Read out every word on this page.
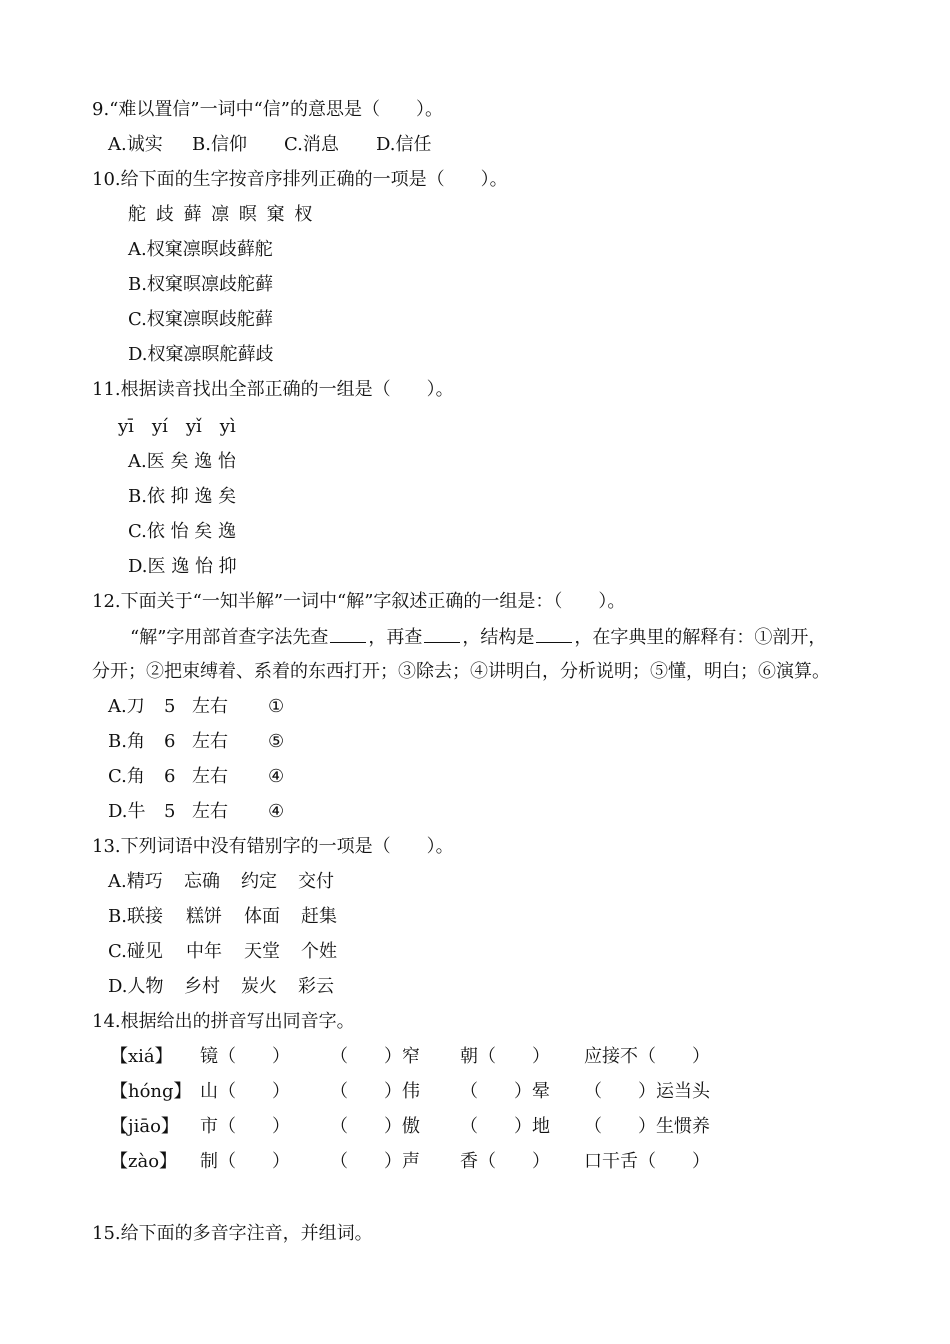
9.“难以置信”一词中“信”的意思是（　　）。
A.诚实 B.信仰 C.消息 D.信任
10.给下面的生字按音序排列正确的一项是（　　）。
舵 歧 藓 凛 暝 窠 杈
A.杈窠凛暝歧藓舵
B.杈窠暝凛歧舵藓
C.杈窠凛暝歧舵藓
D.杈窠凛暝舵藓歧
11.根据读音找出全部正确的一组是（　　）。
yī　yí　yǐ　yì
A.医 矣 逸 怡
B.依 抑 逸 矣
C.依 怡 矣 逸
D.医 逸 怡 抑
12.下面关于“一知半解”一词中“解”字叙述正确的一组是：（　　）。
“解”字用部首查字法先查 ，再查 ，结构是 ，在字典里的解释有：①剖开，
分开；②把束缚着、系着的东西打开；③除去；④讲明白，分析说明；⑤懂，明白；⑥演算。
A.刀 5 左右 ①
B.角 6 左右 ⑤
C.角 6 左右 ④
D.牛 5 左右 ④
13.下列词语中没有错别字的一项是（　　）。
A.精巧 忘确 约定 交付
B.联接 糕饼 体面 赶集
C.碰见 中年 天堂 个姓
D.人物 乡村 炭火 彩云
14.根据给出的拼音写出同音字。
【xiá】 镜（　　） （　　）窄 朝（　　） 应接不（　　）
【hóng】 山（　　） （　　）伟 （　　）晕 （　　）运当头
【jiāo】 市（　　） （　　）傲 （　　）地 （　　）生惯养
【zào】 制（　　） （　　）声 香（　　） 口干舌（　　）
15.给下面的多音字注音，并组词。
